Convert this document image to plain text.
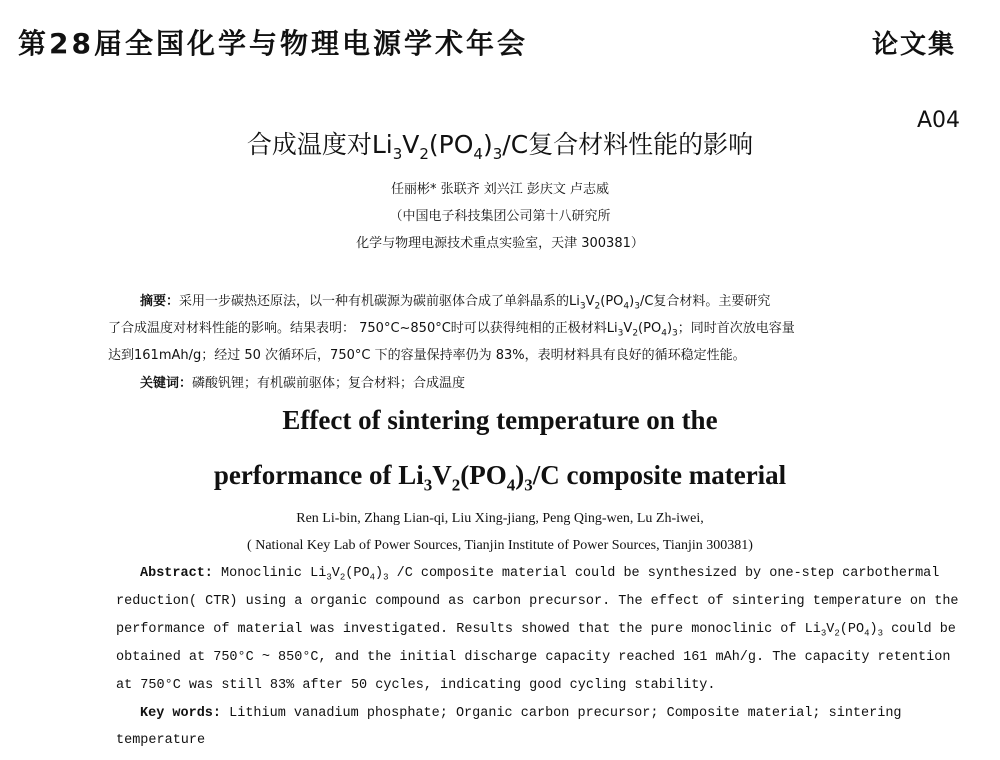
第28届全国化学与物理电源学术年会	论文集
A04
合成温度对$Li_3V_2(PO_4)_3/C$复合材料性能的影响
任丽彬* 张联齐 刘兴江 彭庆文 卢志威
（中国电子科技集团公司第十八研究所
化学与物理电源技术重点实验室，天津 300381）
摘要：采用一步碳热还原法，以一种有机碳源为碳前驱体合成了单斜晶系的$Li_3V_2(PO_4)_3/C$复合材料。主要研究
了合成温度对材料性能的影响。结果表明： 750°C~850°C时可以获得纯相的正极材料$Li_3V_2(PO_4)_3$；同时首次放电容量
达到161mAh/g；经过 50 次循环后，750°C 下的容量保持率仍为 83%，表明材料具有良好的循环稳定性能。
关键词：磷酸钒锂；有机碳前驱体；复合材料；合成温度
Effect of sintering temperature on the
performance of $Li_3V_2(PO_4)_3/C$ composite material
Ren Li-bin, Zhang Lian-qi, Liu Xing-jiang, Peng Qing-wen, Lu Zh-iwei,
( National Key Lab of Power Sources, Tianjin Institute of Power Sources, Tianjin 300381)
Abstract: Monoclinic $Li_3V_2(PO_4)_3$ /C composite material could be synthesized by one-step carbothermal
reduction( CTR) using a organic compound as carbon precursor. The effect of sintering temperature on the
performance of material was investigated. Results showed that the pure monoclinic of $Li_3V_2(PO_4)_3$ could be
obtained at 750°C ~ 850°C, and the initial discharge capacity reached 161 mAh/g. The capacity retention
at 750°C was still 83% after 50 cycles, indicating good cycling stability.
Key words: Lithium vanadium phosphate; Organic carbon precursor; Composite material; sintering
temperature
